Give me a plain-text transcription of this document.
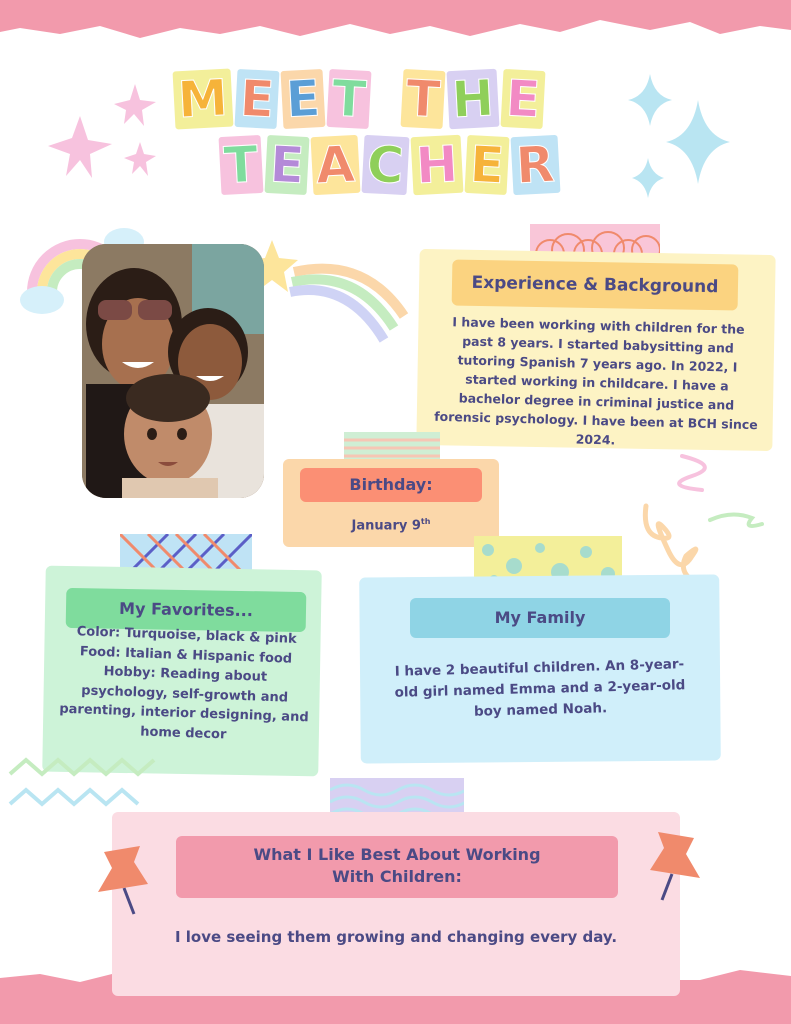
M E E T T H E
T E A C H E R
Experience & Background
I have been working with children for the past 8 years. I started babysitting and tutoring Spanish 7 years ago. In 2022, I started working in childcare. I have a bachelor degree in criminal justice and forensic psychology. I have been at BCH since 2024.
Birthday:
January 9th
My Favorites...
Color: Turquoise, black & pink
Food: Italian & Hispanic food
Hobby: Reading about psychology, self-growth and parenting, interior designing, and home decor
My Family
I have 2 beautiful children. An 8-year-old girl named Emma and a 2-year-old boy named Noah.
What I Like Best About Working With Children:
I love seeing them growing and changing every day.
